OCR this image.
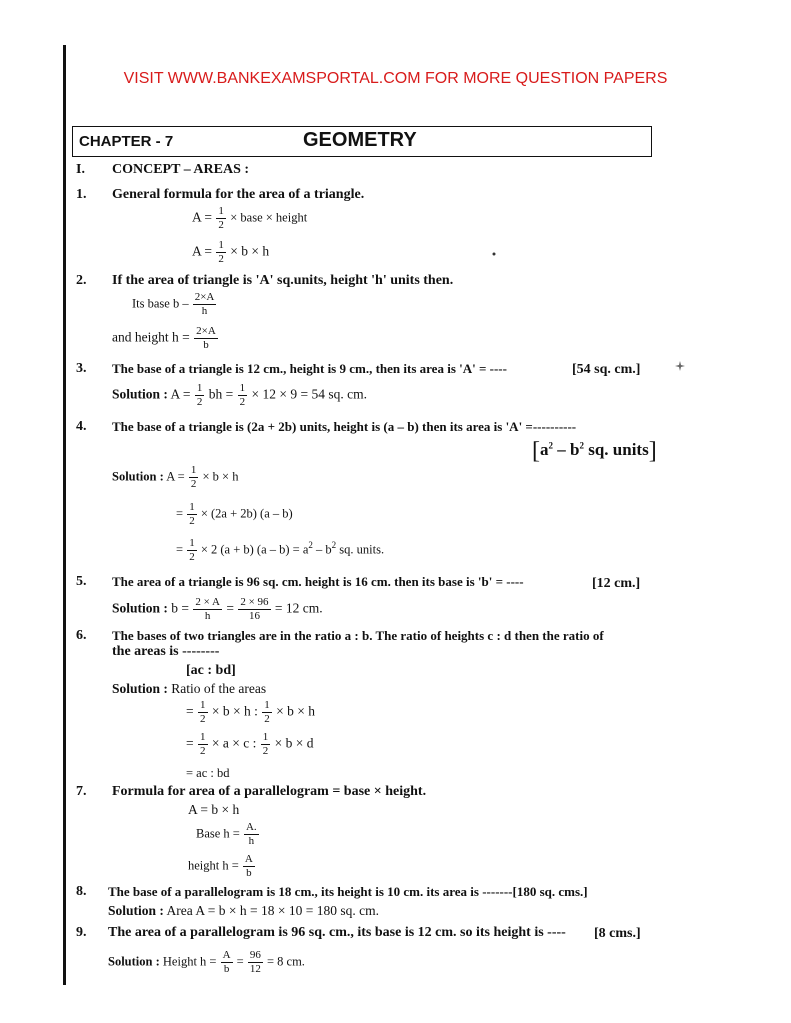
VISIT WWW.BANKEXAMSPORTAL.COM FOR MORE QUESTION PAPERS
CHAPTER - 7	GEOMETRY
I. CONCEPT – AREAS :
1. General formula for the area of a triangle.
$A = \frac{1}{2}$ × base × height
$A = \frac{1}{2} \times b \times h$
2. If the area of triangle is 'A' sq.units, height 'h' units then.
Its base b – $\frac{2\times A}{h}$
and height $h = \frac{2\times A}{b}$
3. The base of a triangle is 12 cm., height is 9 cm., then its area is 'A' = ----	[54 sq. cm.]
Solution : $A = \frac{1}{2}$ bh = $\frac{1}{2} \times 12 \times 9 = 54$ sq. cm.
4. The base of a triangle is (2a + 2b) units, height is (a – b) then its area is 'A' =----------
[$a^2 - b^2$ sq. units]
Solution : $A = \frac{1}{2} \times b \times h$
= $\frac{1}{2} \times (2a + 2b)$ (a – b)
= $\frac{1}{2} \times 2$ (a + b) $(a - b) = a^2 - b^2$ sq. units.
5. The area of a triangle is 96 sq. cm. height is 16 cm. then its base is 'b' = ----	[12 cm.]
Solution : $b = \frac{2 \times A}{h} = \frac{2 \times 96}{16} = 12$ cm.
6. The bases of two triangles are in the ratio a : b. The ratio of heights c : d then the ratio of
the areas is --------
[ac : bd]
Solution : Ratio of the areas
= $\frac{1}{2} \times b \times h$ : $\frac{1}{2} \times b \times h$
= $\frac{1}{2} \times a \times c$ : $\frac{1}{2} \times b \times d$
= ac : bd
7. Formula for area of a parallelogram = base × height.
A = b × h
Base $h = \frac{A.}{h}$
height $h = \frac{A}{b}$
8. The base of a parallelogram is 18 cm., its height is 10 cm. its area is -------[180 sq. cms.]
Solution : Area A = b × h = 18 × 10 = 180 sq. cm.
9. The area of a parallelogram is 96 sq. cm., its base is 12 cm. so its height is ---- [8 cms.]
Solution : Height $h = \frac{A}{b} = \frac{96}{12} = 8$ cm.
